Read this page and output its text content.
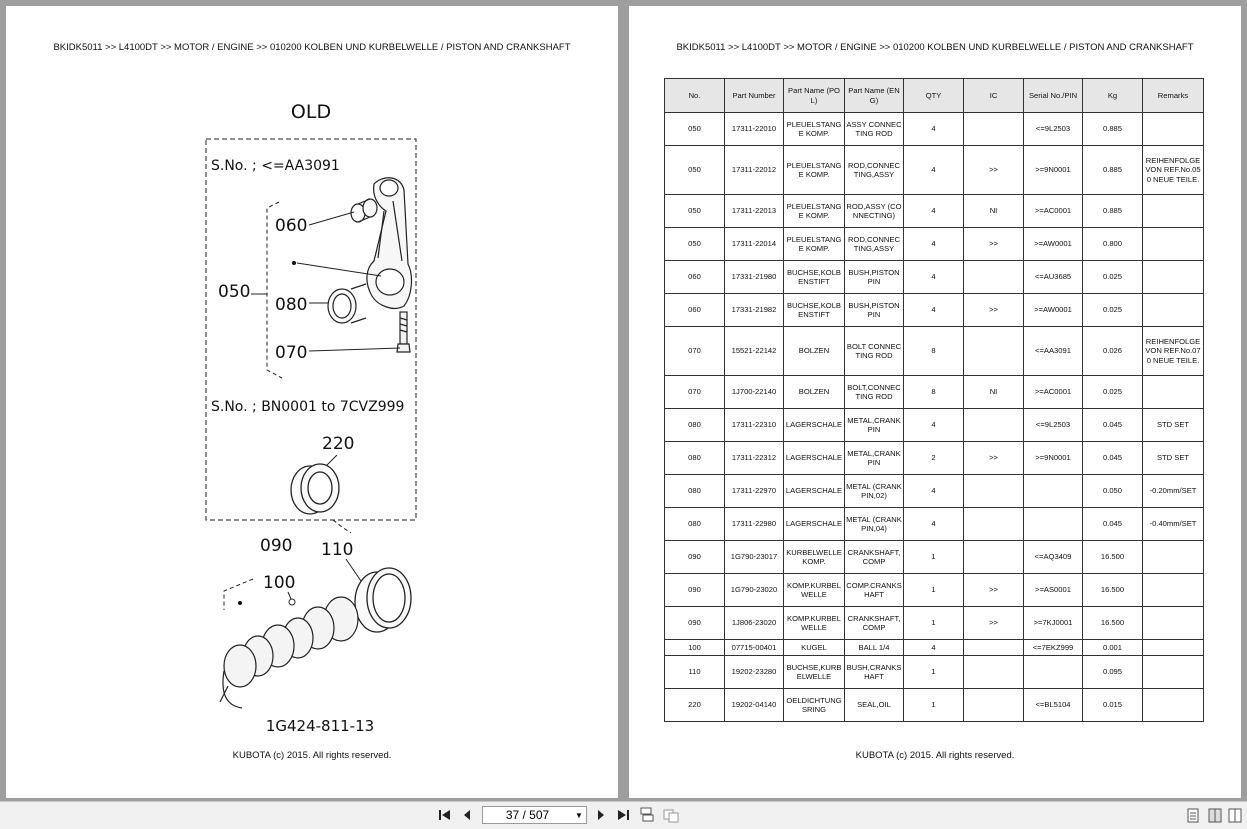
BKIDK5011 >> L4100DT >> MOTOR / ENGINE >> 010200 KOLBEN UND KURBELWELLE / PISTON AND CRANKSHAFT
OLD
S.No. ; <=AA3091
060
050
080
070
S.No. ; BN0001 to 7CVZ999
220
090 110
100
1G424-811-13
KUBOTA (c) 2015. All rights reserved.
BKIDK5011 >> L4100DT >> MOTOR / ENGINE >> 010200 KOLBEN UND KURBELWELLE / PISTON AND CRANKSHAFT
No.	Part Number	Part Name (POL)	Part Name (ENG)	QTY	IC	Serial No./PIN	Kg	Remarks
050	17311-22010	PLEUELSTANGE KOMP.	ASSY CONNECTING ROD	4		<=9L2503	0.885	
050	17311-22012	PLEUELSTANGE KOMP.	ROD,CONNECTING,ASSY	4	>>	>=9N0001	0.885	REIHENFOLGE VON REF.No.050 NEUE TEILE.
050	17311-22013	PLEUELSTANGE KOMP.	ROD,ASSY (CONNECTING)	4	NI	>=AC0001	0.885	
050	17311-22014	PLEUELSTANGE KOMP.	ROD,CONNECTING,ASSY	4	>>	>=AW0001	0.800	
060	17331-21980	BUCHSE,KOLBENSTIFT	BUSH,PISTON PIN	4		<=AU3685	0.025	
060	17331-21982	BUCHSE,KOLBENSTIFT	BUSH,PISTON PIN	4	>>	>=AW0001	0.025	
070	15521-22142	BOLZEN	BOLT CONNECTING ROD	8		<=AA3091	0.026	REIHENFOLGE VON REF.No.070 NEUE TEILE.
070	1J700-22140	BOLZEN	BOLT,CONNECTING ROD	8	NI	>=AC0001	0.025	
080	17311-22310	LAGERSCHALE	METAL,CRANKPIN	4		<=9L2503	0.045	STD SET
080	17311-22312	LAGERSCHALE	METAL,CRANKPIN	2	>>	>=9N0001	0.045	STD SET
080	17311-22970	LAGERSCHALE	METAL (CRANKPIN,02)	4			0.050	-0.20mm/SET
080	17311-22980	LAGERSCHALE	METAL (CRANKPIN,04)	4			0.045	-0.40mm/SET
090	1G790-23017	KURBELWELLE KOMP.	CRANKSHAFT,COMP	1		<=AQ3409	16.500	
090	1G790-23020	KOMP.KURBELWELLE	COMP.CRANKSHAFT	1	>>	>=AS0001	16.500	
090	1J806-23020	KOMP.KURBELWELLE	CRANKSHAFT,COMP	1	>>	>=7KJ0001	16.500	
100	07715-00401	KUGEL	BALL 1/4	4		<=7EKZ999	0.001	
110	19202-23280	BUCHSE,KURBELWELLE	BUSH,CRANKSHAFT	1			0.095	
220	19202-04140	OELDICHTUNGSRING	SEAL,OIL	1		<=BL5104	0.015	
KUBOTA (c) 2015. All rights reserved.
37 / 507	▼
